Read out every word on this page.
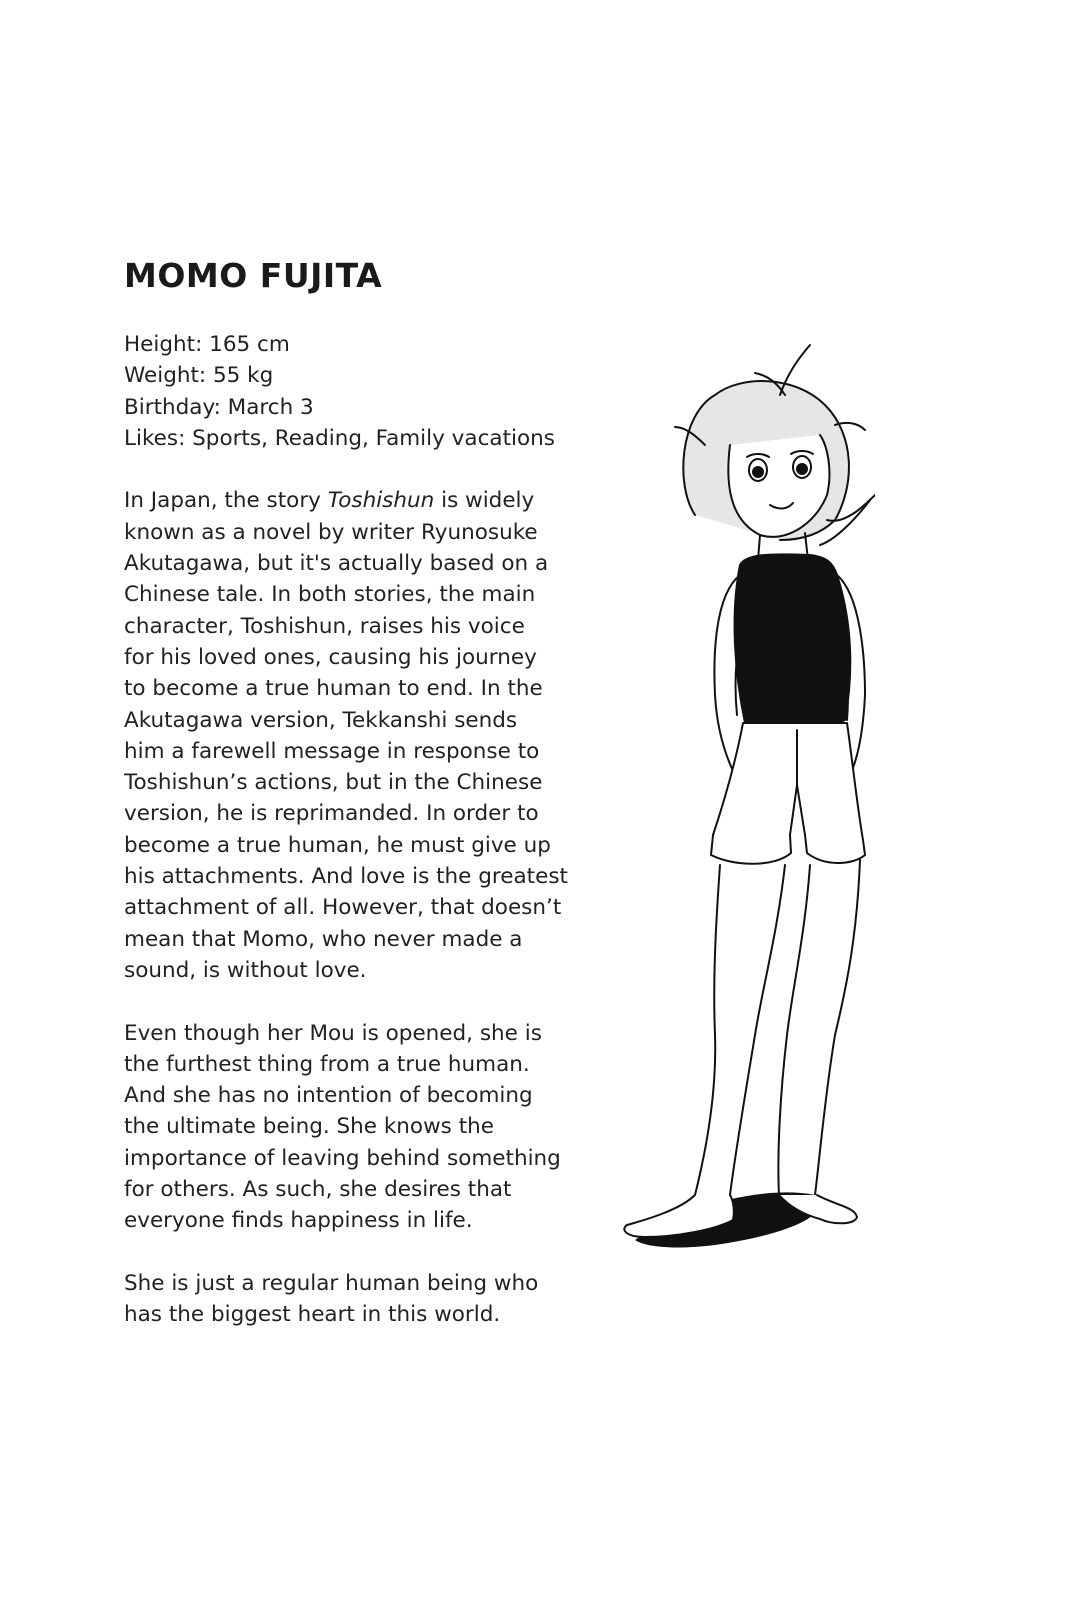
MOMO FUJITA
Height: 165 cm
Weight: 55 kg
Birthday: March 3
Likes: Sports, Reading, Family vacations
In Japan, the story Toshishun is widely
known as a novel by writer Ryunosuke
Akutagawa, but it's actually based on a
Chinese tale. In both stories, the main
character, Toshishun, raises his voice
for his loved ones, causing his journey
to become a true human to end. In the
Akutagawa version, Tekkanshi sends
him a farewell message in response to
Toshishun’s actions, but in the Chinese
version, he is reprimanded. In order to
become a true human, he must give up
his attachments. And love is the greatest
attachment of all. However, that doesn’t
mean that Momo, who never made a
sound, is without love.
Even though her Mou is opened, she is
the furthest thing from a true human.
And she has no intention of becoming
the ultimate being. She knows the
importance of leaving behind something
for others. As such, she desires that
everyone finds happiness in life.
She is just a regular human being who
has the biggest heart in this world.
